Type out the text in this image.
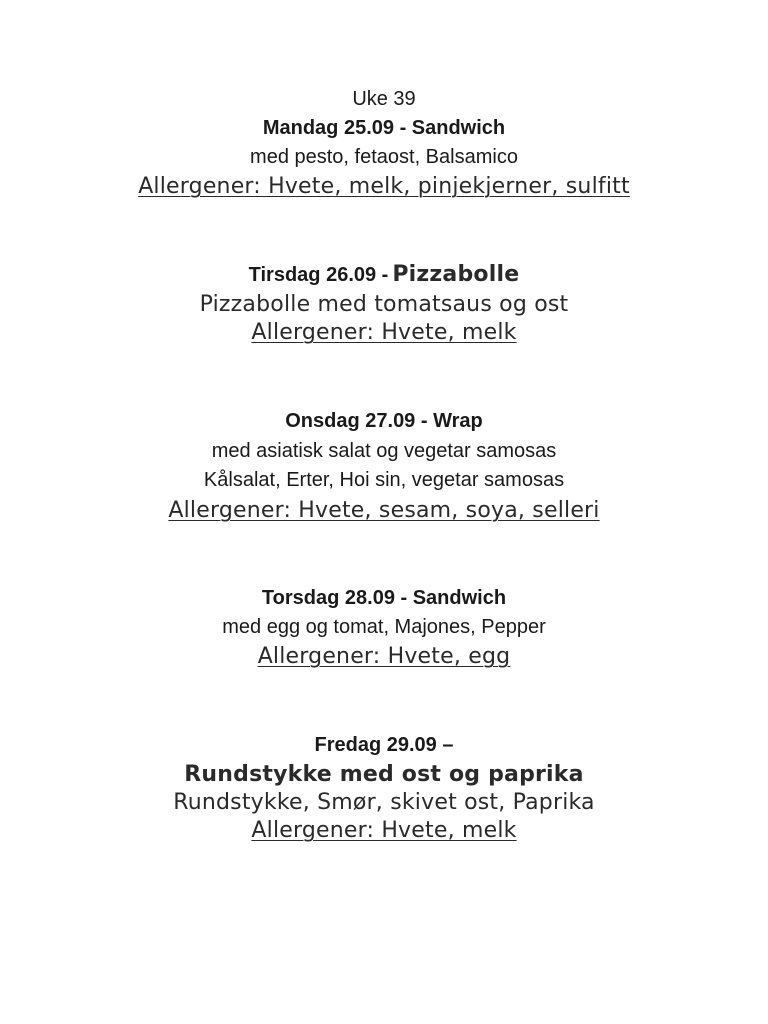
Uke 39
Mandag 25.09 - Sandwich
med pesto, fetaost, Balsamico
Allergener: Hvete, melk, pinjekjerner, sulfitt
Tirsdag 26.09 - Pizzabolle
Pizzabolle med tomatsaus og ost
Allergener: Hvete, melk
Onsdag 27.09 - Wrap
med asiatisk salat og vegetar samosas
Kålsalat, Erter, Hoi sin, vegetar samosas
Allergener: Hvete, sesam, soya, selleri
Torsdag 28.09 - Sandwich
med egg og tomat, Majones, Pepper
Allergener: Hvete, egg
Fredag 29.09 –
Rundstykke med ost og paprika
Rundstykke, Smør, skivet ost, Paprika
Allergener: Hvete, melk
